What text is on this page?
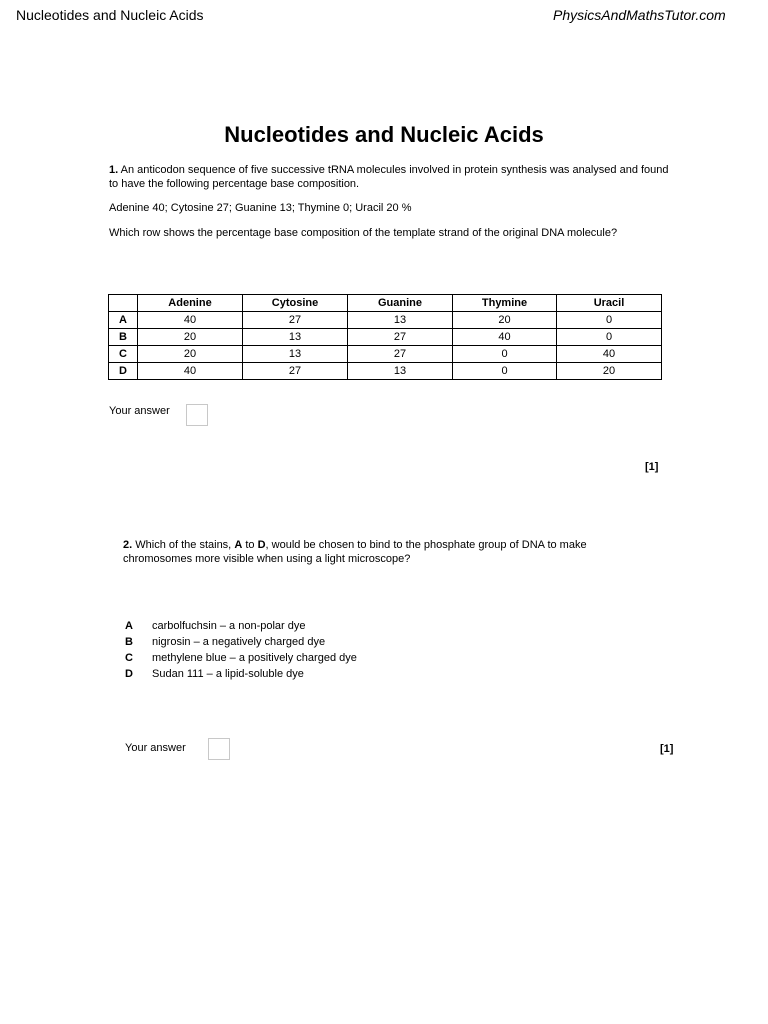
Nucleotides and Nucleic Acids	PhysicsAndMathsTutor.com
Nucleotides and Nucleic Acids
1. An anticodon sequence of five successive tRNA molecules involved in protein synthesis was analysed and found to have the following percentage base composition.
Adenine 40; Cytosine 27; Guanine 13; Thymine 0; Uracil 20 %
Which row shows the percentage base composition of the template strand of the original DNA molecule?
	Adenine	Cytosine	Guanine	Thymine	Uracil
A	40	27	13	20	0
B	20	13	27	40	0
C	20	13	27	0	40
D	40	27	13	0	20
Your answer
[1]
2. Which of the stains, A to D, would be chosen to bind to the phosphate group of DNA to make chromosomes more visible when using a light microscope?
A carbolfuchsin – a non-polar dye
B nigrosin – a negatively charged dye
C methylene blue – a positively charged dye
D Sudan 111 – a lipid-soluble dye
Your answer	[1]
